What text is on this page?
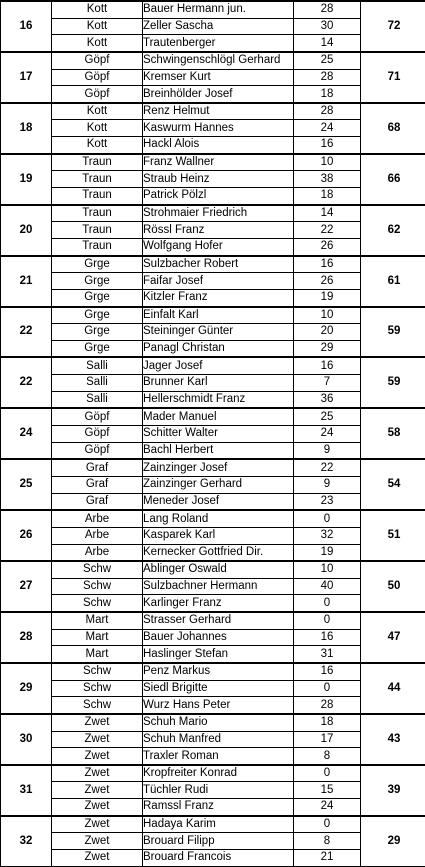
16	Kott	Bauer Hermann jun.	28	72
	Kott	Zeller Sascha	30	
	Kott	Trautenberger	14	
17	Göpf	Schwingenschlögl Gerhard	25	71
	Göpf	Kremser Kurt	28	
	Göpf	Breinhölder Josef	18	
18	Kott	Renz Helmut	28	68
	Kott	Kaswurm Hannes	24	
	Kott	Hackl Alois	16	
19	Traun	Franz Wallner	10	66
	Traun	Straub Heinz	38	
	Traun	Patrick Pölzl	18	
20	Traun	Strohmaier Friedrich	14	62
	Traun	Rössl Franz	22	
	Traun	Wolfgang Hofer	26	
21	Grge	Sulzbacher Robert	16	61
	Grge	Faifar Josef	26	
	Grge	Kitzler Franz	19	
22	Grge	Einfalt Karl	10	59
	Grge	Steininger Günter	20	
	Grge	Panagl Christan	29	
22	Salli	Jager Josef	16	59
	Salli	Brunner Karl	7	
	Salli	Hellerschmidt Franz	36	
24	Göpf	Mader Manuel	25	58
	Göpf	Schitter Walter	24	
	Göpf	Bachl Herbert	9	
25	Graf	Zainzinger Josef	22	54
	Graf	Zainzinger Gerhard	9	
	Graf	Meneder Josef	23	
26	Arbe	Lang Roland	0	51
	Arbe	Kasparek Karl	32	
	Arbe	Kernecker Gottfried Dir.	19	
27	Schw	Ablinger Oswald	10	50
	Schw	Sulzbachner Hermann	40	
	Schw	Karlinger Franz	0	
28	Mart	Strasser Gerhard	0	47
	Mart	Bauer Johannes	16	
	Mart	Haslinger Stefan	31	
29	Schw	Penz Markus	16	44
	Schw	Siedl Brigitte	0	
	Schw	Wurz Hans Peter	28	
30	Zwet	Schuh Mario	18	43
	Zwet	Schuh Manfred	17	
	Zwet	Traxler Roman	8	
31	Zwet	Kropfreiter Konrad	0	39
	Zwet	Tüchler Rudi	15	
	Zwet	Ramssl Franz	24	
32	Zwet	Hadaya Karim	0	29
	Zwet	Brouard Filipp	8	
	Zwet	Brouard Francois	21	
